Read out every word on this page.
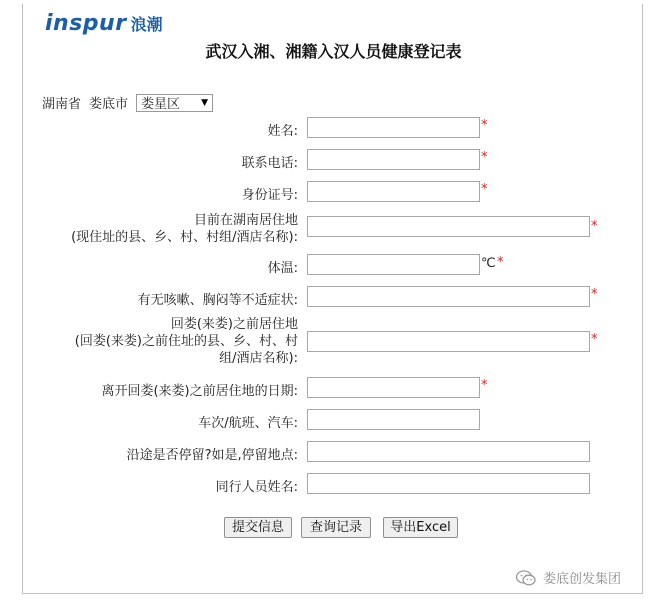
inspur 浪潮
武汉入湘、湘籍入汉人员健康登记表
湖南省 娄底市 娄星区 ▼
姓名:	*
联系电话:	*
身份证号:	*
目前在湖南居住地
(现住址的县、乡、村、村组/酒店名称):
*
体温:	℃ *
有无咳嗽、胸闷等不适症状:	*
回娄(来娄)之前居住地
(回娄(来娄)之前住址的县、乡、村、村
组/酒店名称):
*
离开回娄(来娄)之前居住地的日期:	*
车次/航班、汽车:
沿途是否停留?如是,停留地点:
同行人员姓名:
提交信息	查询记录	导出Excel
娄底创发集团
